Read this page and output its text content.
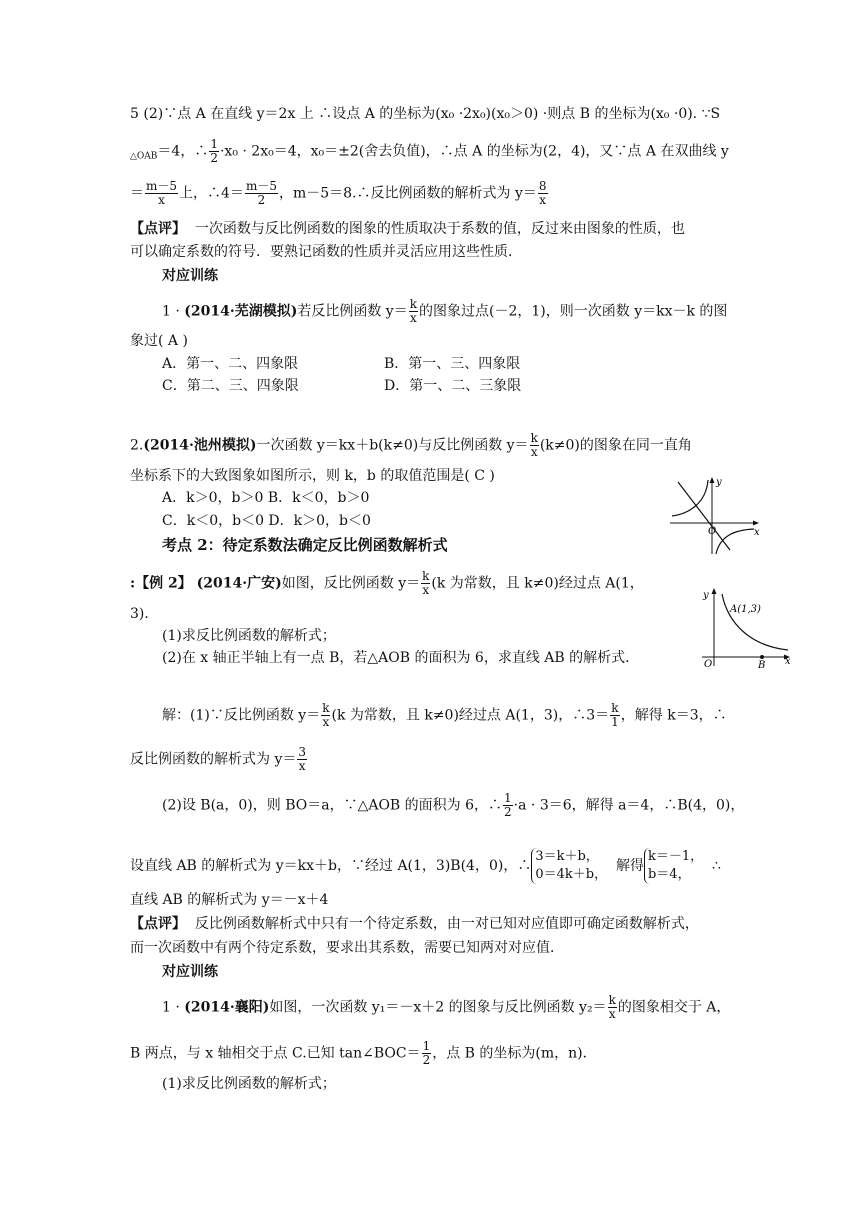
5 (2)∵点 A 在直线 y＝2x 上 ∴设点 A 的坐标为(x₀ ·2x₀)(x₀＞0) ·则点 B 的坐标为(x₀ ·0). ∵S
$_{\triangle OAB}$＝4，∴ $\frac{1}{2} \cdot x_0 \cdot 2x_0=4$，x₀＝±2(舍去负值)，∴点 A 的坐标为(2，4)，又∵点 A 在双曲线 y
＝ $\frac{m-5}{x}$ 上，∴4＝ $\frac{m-5}{2}$ ，m－5＝8.∴反比例函数的解析式为 $y= \frac{8}{x}$
【点评】 一次函数与反比例函数的图象的性质取决于系数的值，反过来由图象的性质，也
可以确定系数的符号．要熟记函数的性质并灵活应用这些性质．
对应训练
1 · (2014·芜湖模拟)若反比例函数 $y= \frac{k}{x}$ 的图象过点(－2，1)，则一次函数 y＝kx－k 的图
象过( A )
A．第一、二、四象限	B．第一、三、四象限
C．第二、三、四象限	D．第一、二、三象限
2.(2014·池州模拟)一次函数 y＝kx＋b(k≠0)与反比例函数 $y= \frac{k}{x} (k\ne 0)$的图象在同一直角
坐标系下的大致图象如图所示，则 k，b 的取值范围是( C )
A．k＞0，b＞0 B．k＜0，b＞0
C．k＜0，b＜0 D．k＞0，b＜0
y
x
O
考点 2：待定系数法确定反比例函数解析式
:【例 2】 (2014·广安)如图，反比例函数 $y= \frac{k}{x} (k$ 为常数，且 k≠0)经过点 A(1，
3)．
(1)求反比例函数的解析式；
(2)在 x 轴正半轴上有一点 B，若△AOB 的面积为 6，求直线 AB 的解析式．
y
x
O	B
A(1,3)
解：(1)∵反比例函数 $y= \frac{k}{x} (k$ 为常数，且 k≠0)经过点 A(1，3)，∴3＝ $\frac{k}{1}$ ，解得 k＝3，∴
反比例函数的解析式为 $y= \frac{3}{x}$
(2)设 B(a，0)，则 BO＝a，∵△AOB 的面积为 6，∴ $\frac{1}{2} \cdot a \cdot 3=6$，解得 a＝4，∴B(4，0)，
设直线 AB 的解析式为 y＝kx＋b，∵经过 A(1，3)B(4，0)，∴
3＝k＋b，
0＝4k＋b，
解得
k＝－1，
b＝4，
∴
直线 AB 的解析式为 y＝－x＋4
【点评】 反比例函数解析式中只有一个待定系数，由一对已知对应值即可确定函数解析式，
而一次函数中有两个待定系数，要求出其系数，需要已知两对对应值．
对应训练
1 · (2014·襄阳)如图，一次函数 y₁＝－x＋2 的图象与反比例函数 $y_2= \frac{k}{x}$ 的图象相交于 A，
B 两点，与 x 轴相交于点 C.已知 tan∠BOC＝ $\frac{1}{2}$ ，点 B 的坐标为(m，n)．
(1)求反比例函数的解析式；
